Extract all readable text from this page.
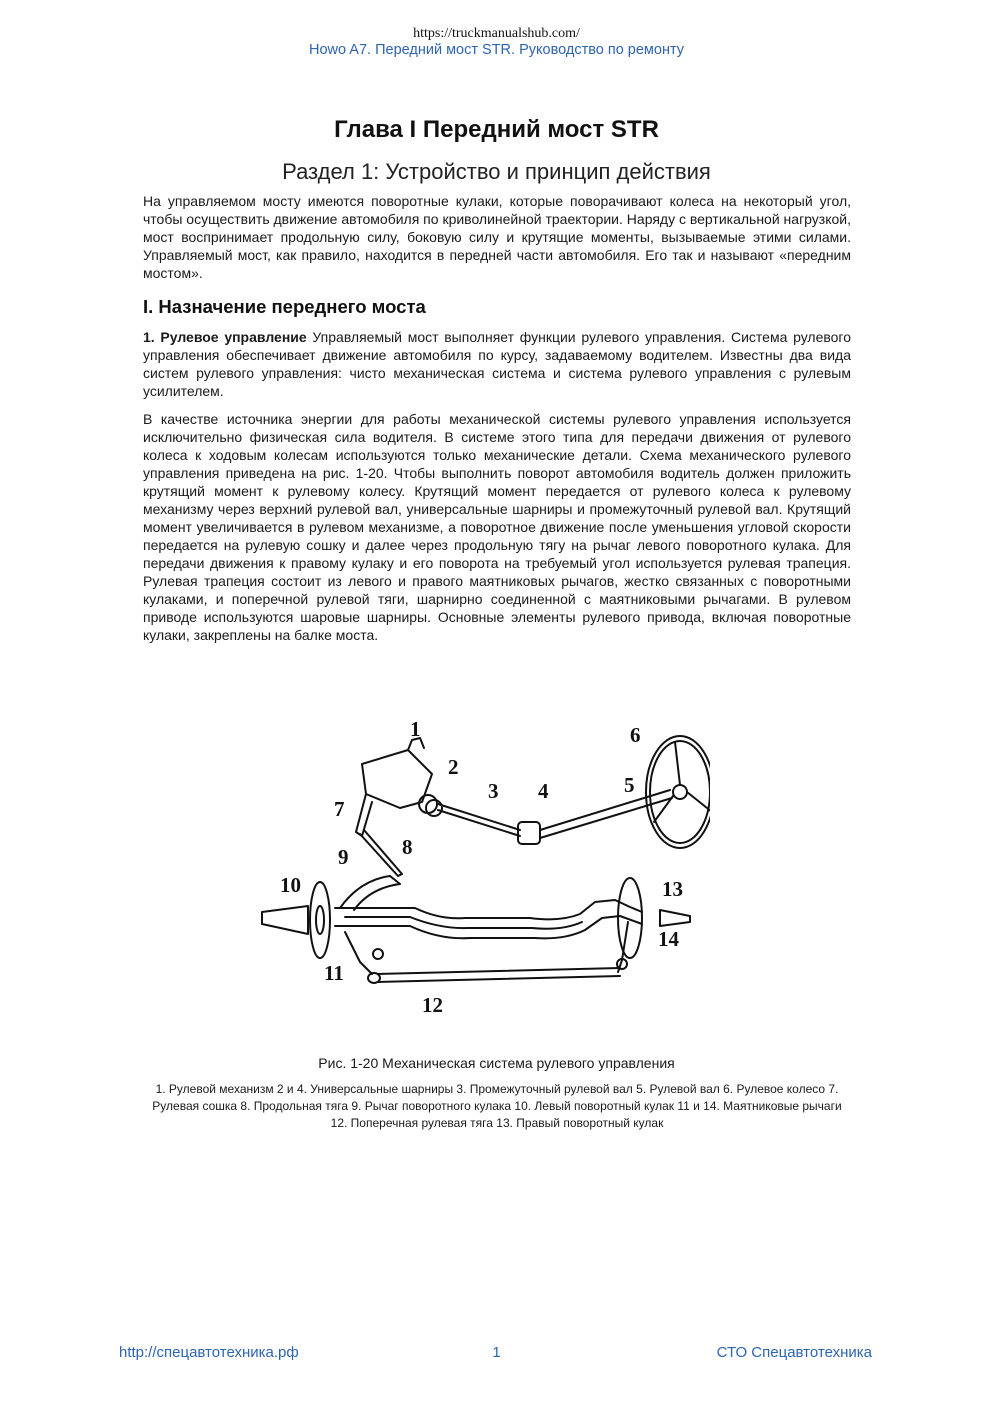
https://truckmanualshub.com/
Howo A7. Передний мост STR. Руководство по ремонту
Глава I Передний мост STR
Раздел 1: Устройство и принцип действия

На управляемом мосту имеются поворотные кулаки, которые поворачивают колеса на некоторый угол, чтобы осуществить движение автомобиля по криволинейной траектории. Наряду с вертикальной нагрузкой, мост воспринимает продольную силу, боковую силу и крутящие моменты, вызываемые этими силами. Управляемый мост, как правило, находится в передней части автомобиля. Его так и называют «передним мостом».

I. Назначение переднего моста

1. Рулевое управление Управляемый мост выполняет функции рулевого управления. Система рулевого управления обеспечивает движение автомобиля по курсу, задаваемому водителем. Известны два вида систем рулевого управления: чисто механическая система и система рулевого управления с рулевым усилителем.

В качестве источника энергии для работы механической системы рулевого управления используется исключительно физическая сила водителя. В системе этого типа для передачи движения от рулевого колеса к ходовым колесам используются только механические детали. Схема механического рулевого управления приведена на рис. 1-20. Чтобы выполнить поворот автомобиля водитель должен приложить крутящий момент к рулевому колесу. Крутящий момент передается от рулевого колеса к рулевому механизму через верхний рулевой вал, универсальные шарниры и промежуточный рулевой вал. Крутящий момент увеличивается в рулевом механизме, а поворотное движение после уменьшения угловой скорости передается на рулевую сошку и далее через продольную тягу на рычаг левого поворотного кулака. Для передачи движения к правому кулаку и его поворота на требуемый угол используется рулевая трапеция. Рулевая трапеция состоит из левого и правого маятниковых рычагов, жестко связанных с поворотными кулаками, и поперечной рулевой тяги, шарнирно соединенной с маятниковыми рычагами. В рулевом приводе используются шаровые шарниры. Основные элементы рулевого привода, включая поворотные кулаки, закреплены на балке моста.

1
2
3 4	5
6
7
8
9
10
11
12
13
14
Рис. 1-20 Механическая система рулевого управления

1. Рулевой механизм 2 и 4. Универсальные шарниры 3. Промежуточный рулевой вал 5. Рулевой вал 6. Рулевое колесо 7. Рулевая сошка 8. Продольная тяга 9. Рычаг поворотного кулака 10. Левый поворотный кулак 11 и 14. Маятниковые рычаги 12. Поперечная рулевая тяга 13. Правый поворотный кулак

http://спецавтотехника.рф	1	СТО Спецавтотехника
